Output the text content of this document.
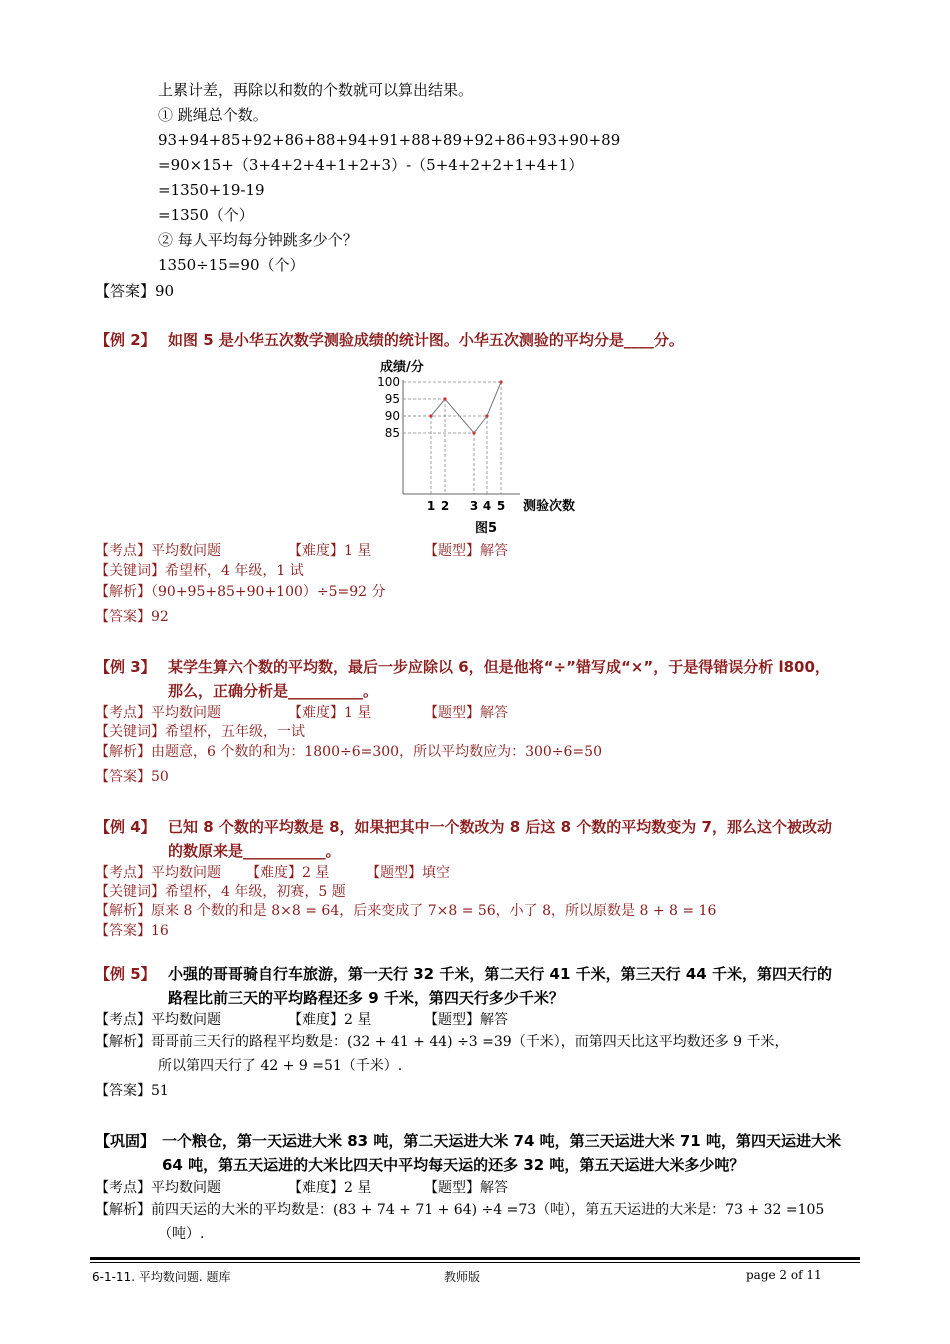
上累计差，再除以和数的个数就可以算出结果。
① 跳绳总个数。
93+94+85+92+86+88+94+91+88+89+92+86+93+90+89
=90×15+（3+4+2+4+1+2+3）-（5+4+2+2+1+4+1）
=1350+19-19
=1350（个）
② 每人平均每分钟跳多少个？
1350÷15=90（个）
【答案】90
【例 2】 如图 5 是小华五次数学测验成绩的统计图。小华五次测验的平均分是____分。
成绩/分
100
95
90
85
1 2 3 4 5 测验次数
图5
【考点】平均数问题	【难度】1 星	【题型】解答
【关键词】希望杯，4 年级，1 试
【解析】（90+95+85+90+100）÷5=92 分
【答案】92
【例 3】 某学生算六个数的平均数，最后一步应除以 6，但是他将“÷”错写成“×”，于是得错误分析 l800，
那么，正确分析是__________。
【考点】平均数问题	【难度】1 星	【题型】解答
【关键词】希望杯，五年级，一试
【解析】由题意，6 个数的和为：1800÷6=300，所以平均数应为：300÷6=50
【答案】50
【例 4】 已知 8 个数的平均数是 8，如果把其中一个数改为 8 后这 8 个数的平均数变为 7，那么这个被改动
的数原来是___________。
【考点】平均数问题 【难度】2 星	【题型】填空
【关键词】希望杯，4 年级，初赛，5 题
【解析】原来 8 个数的和是 8×8 = 64，后来变成了 7×8 = 56，小了 8，所以原数是 8 + 8 = 16
【答案】16
【例 5】 小强的哥哥骑自行车旅游，第一天行 32 千米，第二天行 41 千米，第三天行 44 千米，第四天行的
路程比前三天的平均路程还多 9 千米，第四天行多少千米？
【考点】平均数问题	【难度】2 星	【题型】解答
【解析】哥哥前三天行的路程平均数是：(32 + 41 + 44) ÷3 =39（千米），而第四天比这平均数还多 9 千米，
所以第四天行了 42 + 9 =51（千米）.
【答案】51
【巩固】 一个粮仓，第一天运进大米 83 吨，第二天运进大米 74 吨，第三天运进大米 71 吨，第四天运进大米
64 吨，第五天运进的大米比四天中平均每天运的还多 32 吨，第五天运进大米多少吨？
【考点】平均数问题	【难度】2 星	【题型】解答
【解析】前四天运的大米的平均数是：(83 + 74 + 71 + 64) ÷4 =73（吨），第五天运进的大米是：73 + 32 =105
（吨）.
6-1-11. 平均数问题. 题库	教师版	page 2 of 11
